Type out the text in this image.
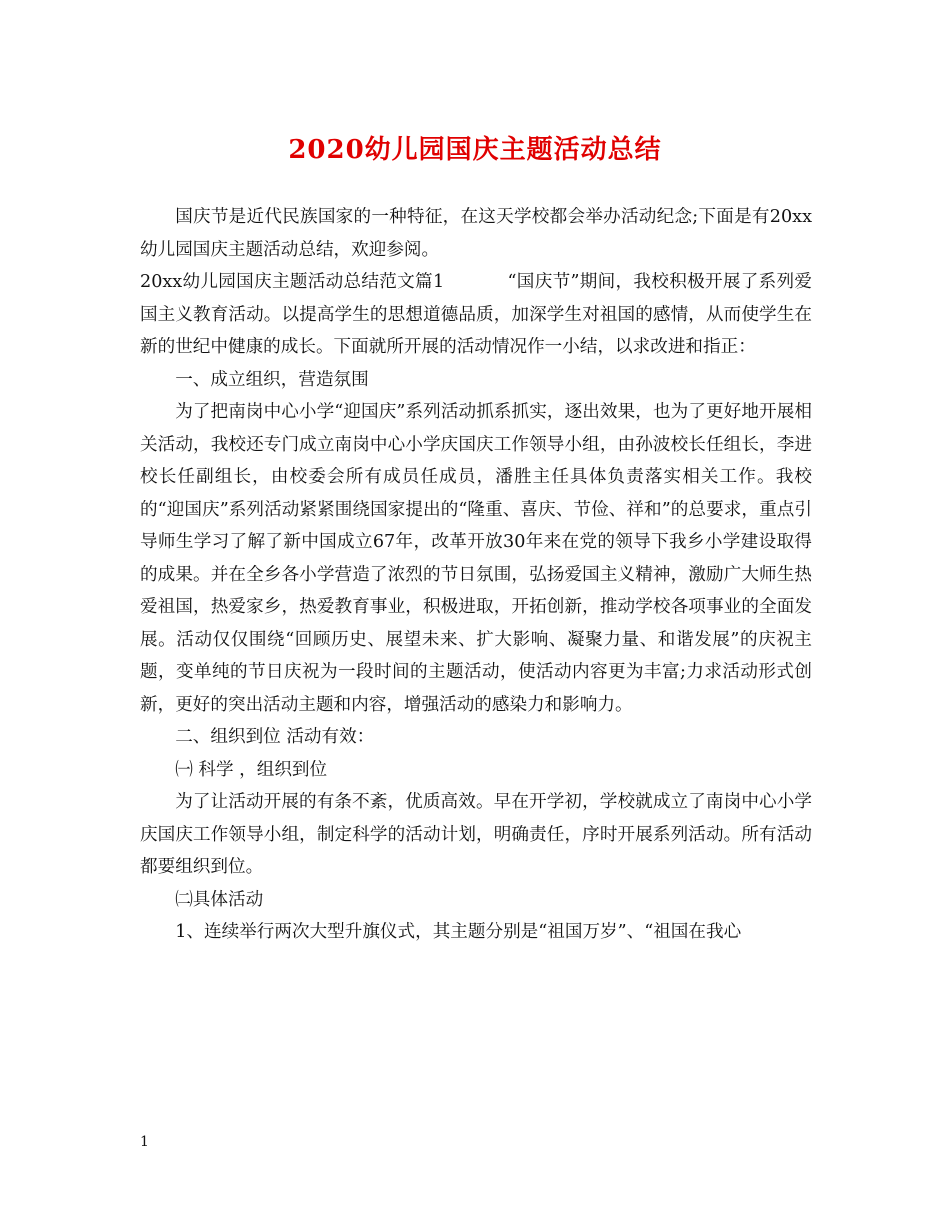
2020幼儿园国庆主题活动总结

国庆节是近代民族国家的一种特征，在这天学校都会举办活动纪念;下面是有20xx幼儿园国庆主题活动总结，欢迎参阅。

20xx幼儿园国庆主题活动总结范文篇1	“国庆节”期间，我校积极开展了系列爱国主义教育活动。以提高学生的思想道德品质，加深学生对祖国的感情，从而使学生在新的世纪中健康的成长。下面就所开展的活动情况作一小结，以求改进和指正：

一、成立组织，营造氛围

为了把南岗中心小学“迎国庆”系列活动抓系抓实，逐出效果，也为了更好地开展相关活动，我校还专门成立南岗中心小学庆国庆工作领导小组，由孙波校长任组长，李进校长任副组长，由校委会所有成员任成员，潘胜主任具体负责落实相关工作。我校的“迎国庆”系列活动紧紧围绕国家提出的“隆重、喜庆、节俭、祥和”的总要求，重点引导师生学习了解了新中国成立67年，改革开放30年来在党的领导下我乡小学建设取得的成果。并在全乡各小学营造了浓烈的节日氛围，弘扬爱国主义精神，激励广大师生热爱祖国，热爱家乡，热爱教育事业，积极进取，开拓创新，推动学校各项事业的全面发展。活动仅仅围绕“回顾历史、展望未来、扩大影响、凝聚力量、和谐发展”的庆祝主题，变单纯的节日庆祝为一段时间的主题活动，使活动内容更为丰富;力求活动形式创新，更好的突出活动主题和内容，增强活动的感染力和影响力。

二、组织到位 活动有效：

㈠ 科学 ，组织到位

为了让活动开展的有条不紊，优质高效。早在开学初，学校就成立了南岗中心小学庆国庆工作领导小组，制定科学的活动计划，明确责任，序时开展系列活动。所有活动都要组织到位。

㈡具体活动

1、连续举行两次大型升旗仪式，其主题分别是“祖国万岁”、“祖国在我心

1
